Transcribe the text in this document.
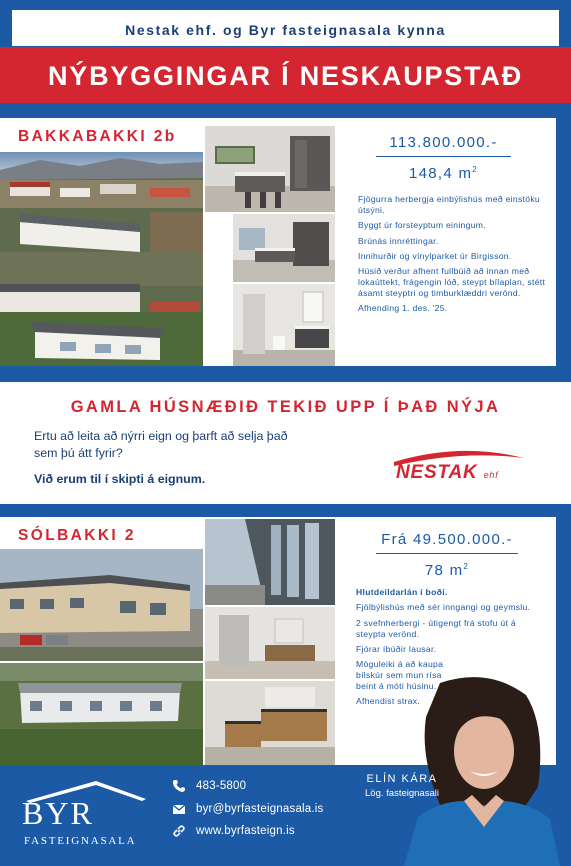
Nestak ehf. og Byr fasteignasala kynna
NÝBYGGINGAR Í NESKAUPSTAÐ
BAKKABAKKI 2b	113.800.000.-
148,4 $m^2$

Fjögurra herbergja einbýlishús með einstöku útsýni.

Byggt úr forsteyptum einingum.

Brúnás innréttingar.

Innihurðir og vínylparket úr Birgisson.

Húsið verður afhent fullbúið að innan með lokaúttekt, frágengin lóð, steypt bílaplan, stétt ásamt steyptri og timburklæddri verönd.

Afhending 1. des. '25.

GAMLA HÚSNÆÐIÐ TEKIÐ UPP Í ÞAÐ NÝJA
Ertu að leita að nýrri eign og þarft að selja það
sem þú átt fyrir?
Við erum til í skipti á eignum.	NESTAK ehf
SÓLBAKKI 2	Frá 49.500.000.-
78 $m^2$

Hlutdeildarlán í boði.

Fjölbýlishús með sér inngangi og geymslu.

2 svefnherbergi - útigengt frá stofu út á steypta verönd.

Fjórar íbúðir lausar.

Möguleiki á að kaupa bílskúr sem mun rísa beint á móti húsinu.

Afhendist strax.

BYR
FASTEIGNASALA
483-5800
byr@byrfasteignasala.is
www.byrfasteign.is
ELÍN KÁRA
Lög. fasteignasali
